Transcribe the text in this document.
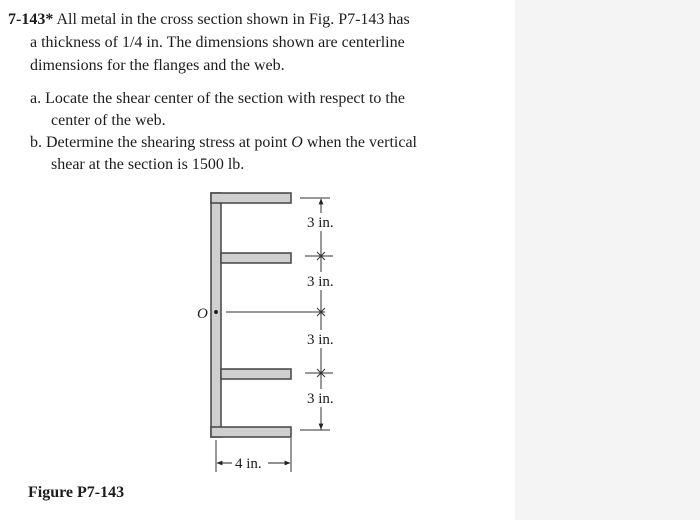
7-143* All metal in the cross section shown in Fig. P7-143 has
a thickness of 1/4 in. The dimensions shown are centerline
dimensions for the flanges and the web.
a. Locate the shear center of the section with respect to the
center of the web.
b. Determine the shearing stress at point O when the vertical
shear at the section is 1500 lb.
O
3 in.
3 in.
3 in.
3 in.
4 in.
Figure P7-143
